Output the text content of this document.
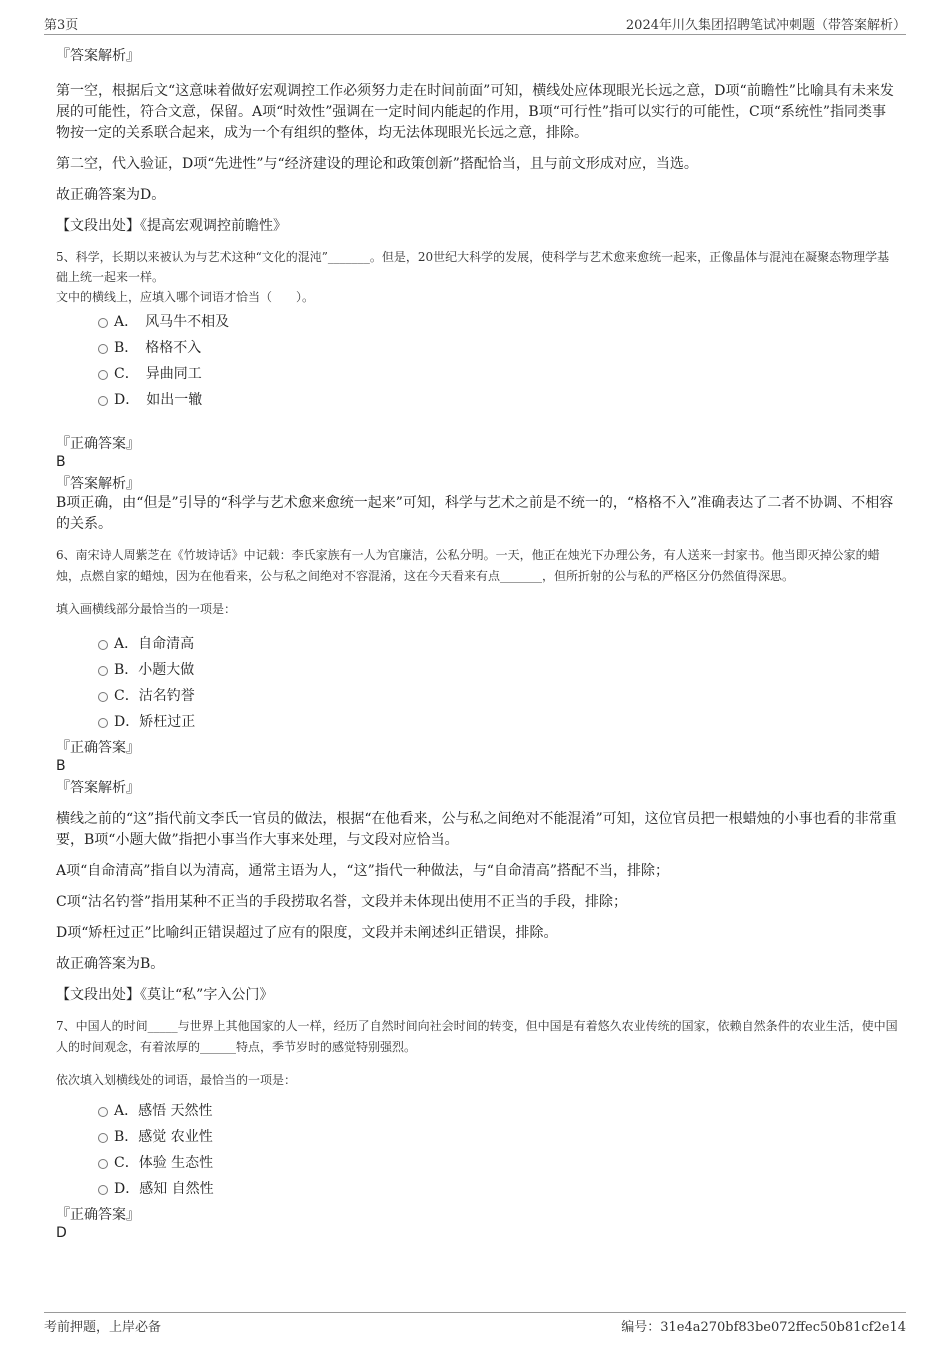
第3页	2024年川久集团招聘笔试冲刺题（带答案解析）
『答案解析』

第一空，根据后文“这意味着做好宏观调控工作必须努力走在时间前面”可知，横线处应体现眼光长远之意，D项“前瞻性”比喻具有未来发展的可能性，符合文意，保留。A项“时效性”强调在一定时间内能起的作用，B项“可行性”指可以实行的可能性，C项“系统性”指同类事物按一定的关系联合起来，成为一个有组织的整体，均无法体现眼光长远之意，排除。

第二空，代入验证，D项“先进性”与“经济建设的理论和政策创新”搭配恰当，且与前文形成对应，当选。

故正确答案为D。

【文段出处】《提高宏观调控前瞻性》

5、科学，长期以来被认为与艺术这种“文化的混沌”_______。但是，20世纪大科学的发展，使科学与艺术愈来愈统一起来，正像晶体与混沌在凝聚态物理学基础上统一起来一样。

文中的横线上，应填入哪个词语才恰当（　　）。

A．　风马牛不相及
B．　格格不入
C．　异曲同工
D．　如出一辙
『正确答案』
B
『答案解析』

B项正确，由“但是”引导的“科学与艺术愈来愈统一起来”可知，科学与艺术之前是不统一的，“格格不入”准确表达了二者不协调、不相容的关系。

6、南宋诗人周紫芝在《竹坡诗话》中记载：李氏家族有一人为官廉洁，公私分明。一天，他正在烛光下办理公务，有人送来一封家书。他当即灭掉公家的蜡烛，点燃自家的蜡烛，因为在他看来，公与私之间绝对不容混淆，这在今天看来有点_______，但所折射的公与私的严格区分仍然值得深思。

填入画横线部分最恰当的一项是：

A．自命清高
B．小题大做
C．沽名钓誉
D．矫枉过正
『正确答案』
B
『答案解析』

横线之前的“这”指代前文李氏一官员的做法，根据“在他看来，公与私之间绝对不能混淆”可知，这位官员把一根蜡烛的小事也看的非常重要，B项“小题大做”指把小事当作大事来处理，与文段对应恰当。

A项“自命清高”指自以为清高，通常主语为人，“这”指代一种做法，与“自命清高”搭配不当，排除；

C项“沽名钓誉”指用某种不正当的手段捞取名誉，文段并未体现出使用不正当的手段，排除；

D项“矫枉过正”比喻纠正错误超过了应有的限度，文段并未阐述纠正错误，排除。

故正确答案为B。

【文段出处】《莫让“私”字入公门》

7、中国人的时间_____与世界上其他国家的人一样，经历了自然时间向社会时间的转变，但中国是有着悠久农业传统的国家，依赖自然条件的农业生活，使中国人的时间观念，有着浓厚的______特点，季节岁时的感觉特别强烈。

依次填入划横线处的词语，最恰当的一项是：

A．感悟 天然性
B．感觉 农业性
C．体验 生态性
D．感知 自然性
『正确答案』
D
考前押题，上岸必备	编号：31e4a270bf83be072ffec50b81cf2e14
